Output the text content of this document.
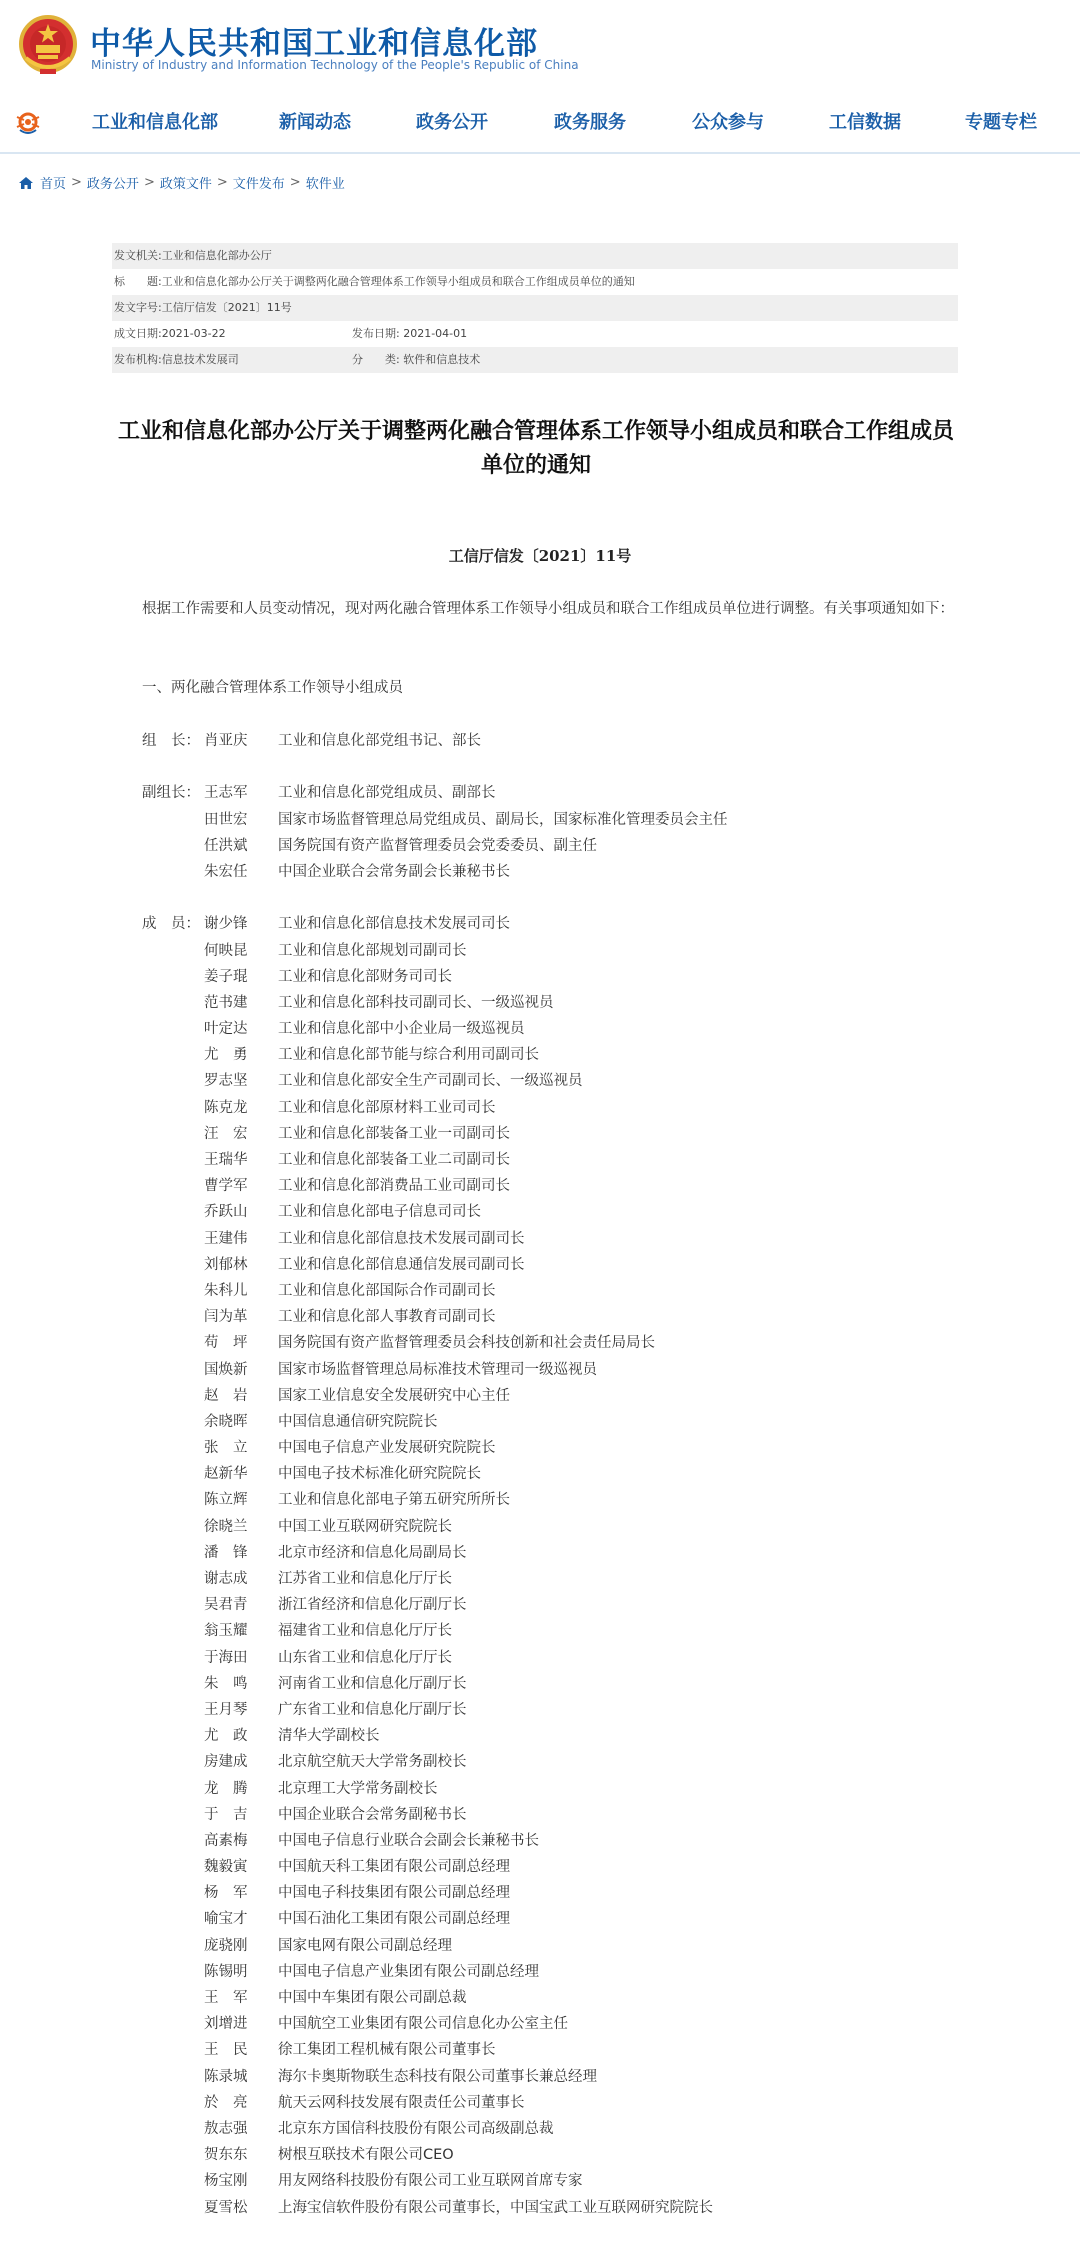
中华人民共和国工业和信息化部
Ministry of Industry and Information Technology of the People's Republic of China
工业和信息化部	新闻动态	政务公开	政务服务	公众参与	工信数据	专题专栏
首页 > 政务公开 > 政策文件 > 文件发布 > 软件业
发文机关: 工业和信息化部办公厅
标　　题: 工业和信息化部办公厅关于调整两化融合管理体系工作领导小组成员和联合工作组成员单位的通知
发文字号: 工信厅信发〔2021〕11号
成文日期: 2021-03-22	发布日期: 2021-04-01
发布机构: 信息技术发展司	分　　类: 软件和信息技术
工业和信息化部办公厅关于调整两化融合管理体系工作领导小组成员和联合工作组成员单位的通知
工信厅信发〔2021〕11号
根据工作需要和人员变动情况，现对两化融合管理体系工作领导小组成员和联合工作组成员单位进行调整。有关事项通知如下：
一、两化融合管理体系工作领导小组成员
组　长： 肖亚庆	工业和信息化部党组书记、部长
副组长： 王志军	工业和信息化部党组成员、副部长
田世宏	国家市场监督管理总局党组成员、副局长，国家标准化管理委员会主任
任洪斌	国务院国有资产监督管理委员会党委委员、副主任
朱宏任	中国企业联合会常务副会长兼秘书长
成　员： 谢少锋	工业和信息化部信息技术发展司司长
何映昆	工业和信息化部规划司副司长
姜子琨	工业和信息化部财务司司长
范书建	工业和信息化部科技司副司长、一级巡视员
叶定达	工业和信息化部中小企业局一级巡视员
尤　勇	工业和信息化部节能与综合利用司副司长
罗志坚	工业和信息化部安全生产司副司长、一级巡视员
陈克龙	工业和信息化部原材料工业司司长
汪　宏	工业和信息化部装备工业一司副司长
王瑞华	工业和信息化部装备工业二司副司长
曹学军	工业和信息化部消费品工业司副司长
乔跃山	工业和信息化部电子信息司司长
王建伟	工业和信息化部信息技术发展司副司长
刘郁林	工业和信息化部信息通信发展司副司长
朱科儿	工业和信息化部国际合作司副司长
闫为革	工业和信息化部人事教育司副司长
苟　坪	国务院国有资产监督管理委员会科技创新和社会责任局局长
国焕新	国家市场监督管理总局标准技术管理司一级巡视员
赵　岩	国家工业信息安全发展研究中心主任
余晓晖	中国信息通信研究院院长
张　立	中国电子信息产业发展研究院院长
赵新华	中国电子技术标准化研究院院长
陈立辉	工业和信息化部电子第五研究所所长
徐晓兰	中国工业互联网研究院院长
潘　锋	北京市经济和信息化局副局长
谢志成	江苏省工业和信息化厅厅长
吴君青	浙江省经济和信息化厅副厅长
翁玉耀	福建省工业和信息化厅厅长
于海田	山东省工业和信息化厅厅长
朱　鸣	河南省工业和信息化厅副厅长
王月琴	广东省工业和信息化厅副厅长
尤　政	清华大学副校长
房建成	北京航空航天大学常务副校长
龙　腾	北京理工大学常务副校长
于　吉	中国企业联合会常务副秘书长
高素梅	中国电子信息行业联合会副会长兼秘书长
魏毅寅	中国航天科工集团有限公司副总经理
杨　军	中国电子科技集团有限公司副总经理
喻宝才	中国石油化工集团有限公司副总经理
庞骁刚	国家电网有限公司副总经理
陈锡明	中国电子信息产业集团有限公司副总经理
王　军	中国中车集团有限公司副总裁
刘增进	中国航空工业集团有限公司信息化办公室主任
王　民	徐工集团工程机械有限公司董事长
陈录城	海尔卡奥斯物联生态科技有限公司董事长兼总经理
於　亮	航天云网科技发展有限责任公司董事长
敖志强	北京东方国信科技股份有限公司高级副总裁
贺东东	树根互联技术有限公司CEO
杨宝刚	用友网络科技股份有限公司工业互联网首席专家
夏雪松	上海宝信软件股份有限公司董事长，中国宝武工业互联网研究院院长
